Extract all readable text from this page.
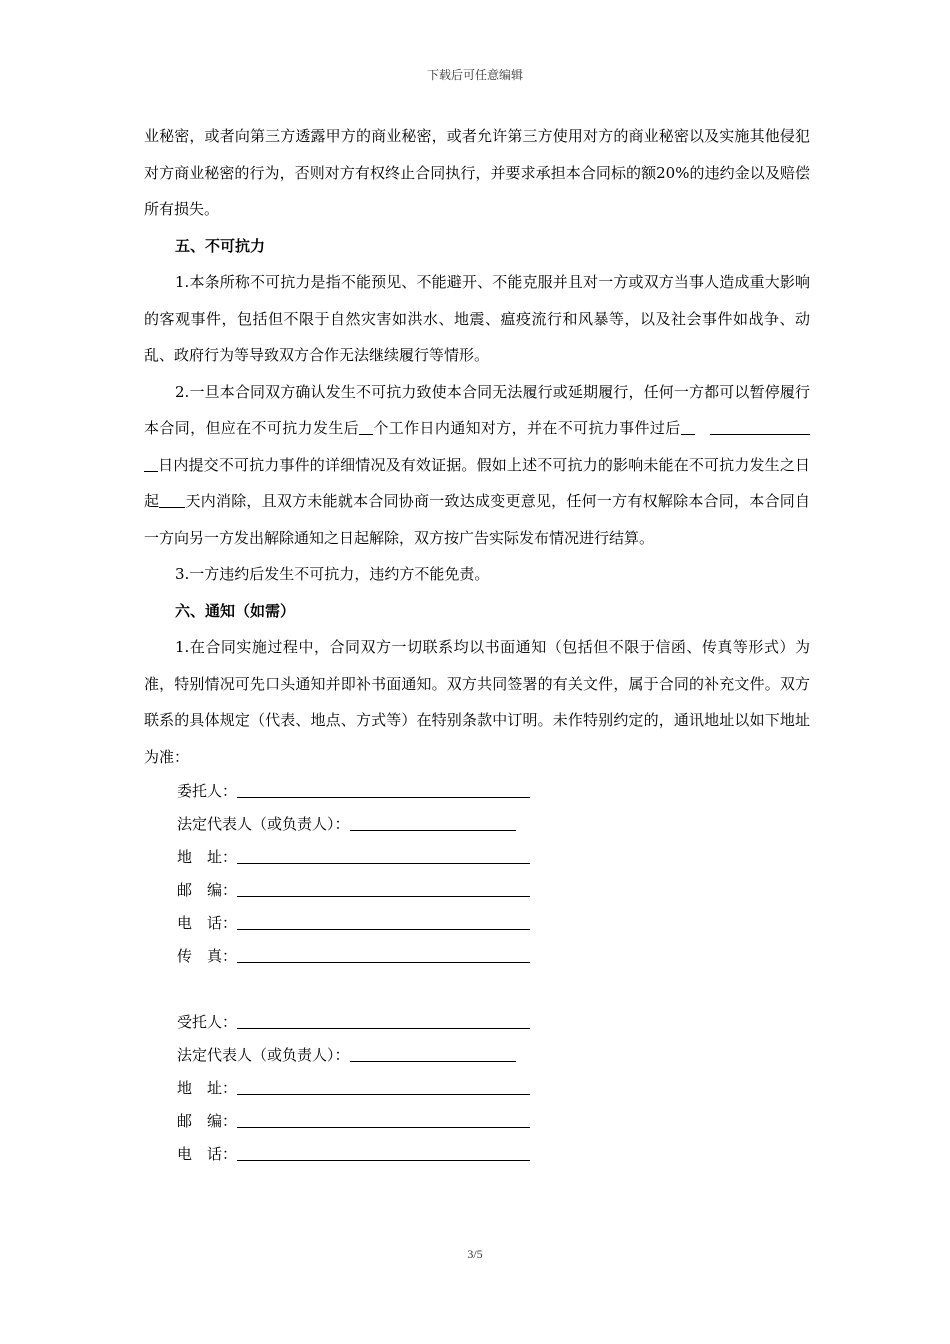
下载后可任意编辑

业秘密，或者向第三方透露甲方的商业秘密，或者允许第三方使用对方的商业秘密以及实施其他侵犯对方商业秘密的行为，否则对方有权终止合同执行，并要求承担本合同标的额20%的违约金以及赔偿所有损失。

五、不可抗力

1.本条所称不可抗力是指不能预见、不能避开、不能克服并且对一方或双方当事人造成重大影响的客观事件，包括但不限于自然灾害如洪水、地震、瘟疫流行和风暴等，以及社会事件如战争、动乱、政府行为等导致双方合作无法继续履行等情形。

2.一旦本合同双方确认发生不可抗力致使本合同无法履行或延期履行，任何一方都可以暂停履行本合同，但应在不可抗力发生后 个工作日内通知对方，并在不可抗力事件过后    日内提交不可抗力事件的详细情况及有效证据。假如上述不可抗力的影响未能在不可抗力发生之日起 天内消除，且双方未能就本合同协商一致达成变更意见，任何一方有权解除本合同，本合同自一方向另一方发出解除通知之日起解除，双方按广告实际发布情况进行结算。

3.一方违约后发生不可抗力，违约方不能免责。

六、通知（如需）

1.在合同实施过程中，合同双方一切联系均以书面通知（包括但不限于信函、传真等形式）为准，特别情况可先口头通知并即补书面通知。双方共同签署的有关文件，属于合同的补充文件。双方联系的具体规定（代表、地点、方式等）在特别条款中订明。未作特别约定的，通讯地址以如下地址为准：

委托人：

法定代表人（或负责人）：

地　址：

邮　编：

电　话：

传　真：

受托人：

法定代表人（或负责人）：

地　址：

邮　编：

电　话：

3/5
